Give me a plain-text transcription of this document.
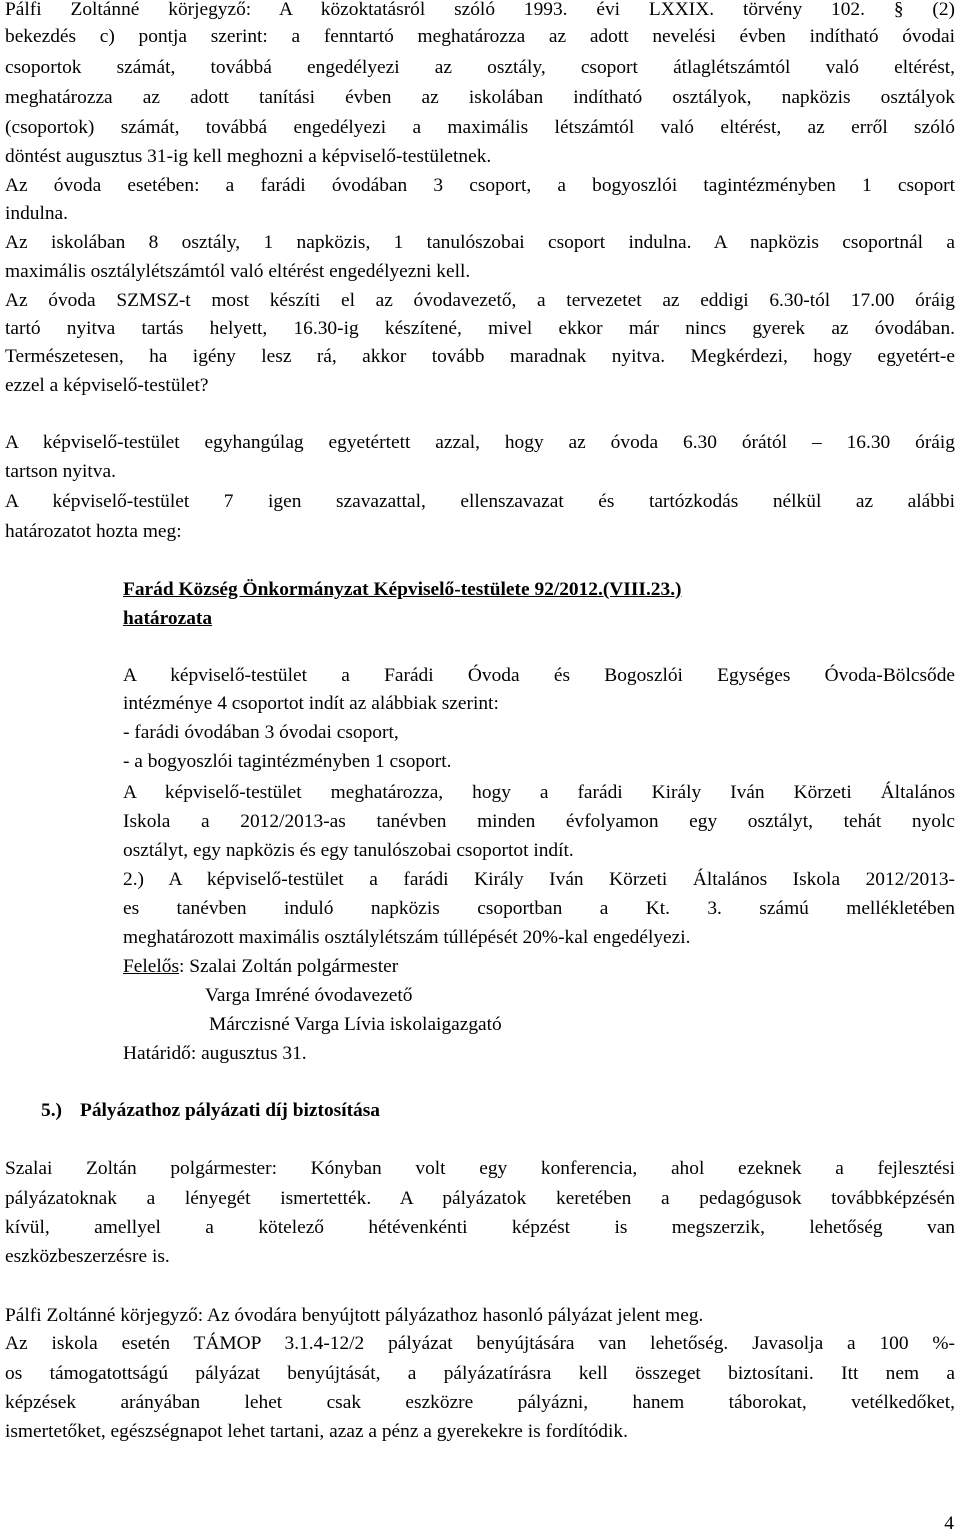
Pálfi Zoltánné körjegyző: A közoktatásról szóló 1993. évi LXXIX. törvény 102. § (2)
bekezdés c) pontja szerint: a fenntartó meghatározza az adott nevelési évben indítható óvodai
csoportok számát, továbbá engedélyezi az osztály, csoport átlaglétszámtól való eltérést,
meghatározza az adott tanítási évben az iskolában indítható osztályok, napközis osztályok
(csoportok) számát, továbbá engedélyezi a maximális létszámtól való eltérést, az erről szóló
döntést augusztus 31-ig kell meghozni a képviselő-testületnek.
Az óvoda esetében: a farádi óvodában 3 csoport, a bogyoszlói tagintézményben 1 csoport
indulna.
Az iskolában 8 osztály, 1 napközis, 1 tanulószobai csoport indulna. A napközis csoportnál a
maximális osztálylétszámtól való eltérést engedélyezni kell.
Az óvoda SZMSZ-t most készíti el az óvodavezető, a tervezetet az eddigi 6.30-tól 17.00 óráig
tartó nyitva tartás helyett, 16.30-ig készítené, mivel ekkor már nincs gyerek az óvodában.
Természetesen, ha igény lesz rá, akkor tovább maradnak nyitva. Megkérdezi, hogy egyetért-e
ezzel a képviselő-testület?
A képviselő-testület egyhangúlag egyetértett azzal, hogy az óvoda 6.30 órától – 16.30 óráig
tartson nyitva.
A képviselő-testület 7 igen szavazattal, ellenszavazat és tartózkodás nélkül az alábbi
határozatot hozta meg:
Farád Község Önkormányzat Képviselő-testülete 92/2012.(VIII.23.)
határozata
A képviselő-testület a Farádi Óvoda és Bogoszlói Egységes Óvoda-Bölcsőde
intézménye 4 csoportot indít az alábbiak szerint:
- farádi óvodában 3 óvodai csoport,
- a bogyoszlói tagintézményben 1 csoport.
A képviselő-testület meghatározza, hogy a farádi Király Iván Körzeti Általános
Iskola a 2012/2013-as tanévben minden évfolyamon egy osztályt, tehát nyolc
osztályt, egy napközis és egy tanulószobai csoportot indít.
2.) A képviselő-testület a farádi Király Iván Körzeti Általános Iskola 2012/2013-
es tanévben induló napközis csoportban a Kt. 3. számú mellékletében
meghatározott maximális osztálylétszám túllépését 20%-kal engedélyezi.
Felelős: Szalai Zoltán polgármester
Varga Imréné óvodavezető
Márczisné Varga Lívia iskolaigazgató
Határidő: augusztus 31.
5.) Pályázathoz pályázati díj biztosítása
Szalai Zoltán polgármester: Kónyban volt egy konferencia, ahol ezeknek a fejlesztési
pályázatoknak a lényegét ismertették. A pályázatok keretében a pedagógusok továbbképzésén
kívül, amellyel a kötelező hétévenkénti képzést is megszerzik, lehetőség van
eszközbeszerzésre is.
Pálfi Zoltánné körjegyző: Az óvodára benyújtott pályázathoz hasonló pályázat jelent meg.
Az iskola esetén TÁMOP 3.1.4-12/2 pályázat benyújtására van lehetőség. Javasolja a 100 %-
os támogatottságú pályázat benyújtását, a pályázatírásra kell összeget biztosítani. Itt nem a
képzések arányában lehet csak eszközre pályázni, hanem táborokat, vetélkedőket,
ismertetőket, egészségnapot lehet tartani, azaz a pénz a gyerekekre is fordítódik.
4
